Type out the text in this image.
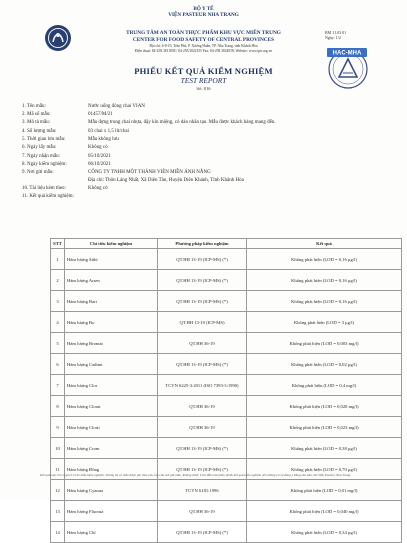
BM 11.03.01
Ngày: 1/2
HAC-MHA
BỘ Y TẾ
VIỆN PASTEUR NHA TRANG
TRUNG TÂM AN TOÀN THỰC PHẨM KHU VỰC MIỀN TRUNG
CENTER FOR FOOD SAFETY OF CENTRAL PROVINCES
Địa chỉ: 6-8-10, Trần Phú, P. Xương Huân, TP. Nha Trang, tỉnh Khánh Hòa
Điện thoại: 84-258.3811838 / 84-258.3822355 Fax: 84-258.3824058; Website: www.ipn.org.vn
PHIẾU KẾT QUẢ KIỂM NGHIỆM
TEST REPORT
Số: 816
1. Tên mẫu:	Nước uống đóng chai VIAN
2. Mã số mẫu:	01457/M/21
3. Mô tả mẫu:	Mẫu đựng trong chai nhựa, đậy kín miệng, có dán nhãn tạo. Mẫu được khách hàng mang đến.
4. Số lượng mẫu:	03 chai x 1,5 lít/chai
5. Thời gian lưu mẫu:	Mẫu không lưu
6. Ngày lấy mẫu:	Không có
7. Ngày nhận mẫu:	05/10/2021
8. Ngày kiểm nghiệm:	06/10/2021
9. Nơi gửi mẫu:	CÔNG TY TNHH MỘT THÀNH VIÊN MIỀN ÁNH NẮNG
Địa chỉ: Thôn Láng Nhất, Xã Diên Tân, Huyện Diên Khánh, Tỉnh Khánh Hòa
10. Tài liệu kèm theo:	Không có
11. Kết quả kiểm nghiệm:
STT	Chỉ tiêu kiểm nghiệm	Phương pháp kiểm nghiệm	Kết quả
1	Hàm lượng Stibi	QT.HH 13-19 (ICP-MS) (*)	Không phát hiện (LOD = 0,16 µg/l)
2	Hàm lượng Arsen	QT.HH 13-19 (ICP-MS) (*)	Không phát hiện (LOD = 0,16 µg/l)
3	Hàm lượng Bari	QT.HH 13-19 (ICP-MS) (*)	Không phát hiện (LOD = 0,16 µg/l)
4	Hàm lượng Bo	QT.HH 13-19 (ICP-MS)	Không phát hiện (LOD = 3 µg/l)
5	Hàm lượng Bromat	QT.HH 36-19	Không phát hiện (LOD = 0,003 mg/l)
6	Hàm lượng Cadimi	QT.HH 13-19 (ICP-MS) (*)	Không phát hiện (LOD = 0,02 µg/l)
7	Hàm lượng Clor	TCVN 6225-3:2011 (ISO 7393-3:1990)	Không phát hiện (LOD = 0,4 mg/l)
8	Hàm lượng Clorat	QT.HH 36-19	Không phát hiện (LOD = 0,028 mg/l)
9	Hàm lượng Clorit	QT.HH 36-19	Không phát hiện (LOD = 0,023 mg/l)
10	Hàm lượng Crom	QT.HH 13-19 (ICP-MS) (*)	Không phát hiện (LOD = 0,38 µg/l)
11	Hàm lượng Đồng	QT.HH 13-19 (ICP-MS) (*)	Không phát hiện (LOD = 0,70 µg/l)
12	Hàm lượng Cyanua	TCVN 6181:1996	Không phát hiện (LOD = 0,01 mg/l)
13	Hàm lượng Fluorua	QT.HH 36-19	Không phát hiện (LOD = 0,040 mg/l)
14	Hàm lượng Chì	QT.HH 13-19 (ICP-MS) (*)	Không phát hiện (LOD = 0,34 µg/l)
Kết quả này chỉ có giá trị trên mẫu kiểm nghiệm. Thông tin về mẫu được ghi theo yêu cầu của nơi gửi mẫu. Không được trích dẫn một phần phiếu kết quả kiểm nghiệm nếu không có sự đồng ý bằng văn bản của Viện Pasteur Nha Trang.
